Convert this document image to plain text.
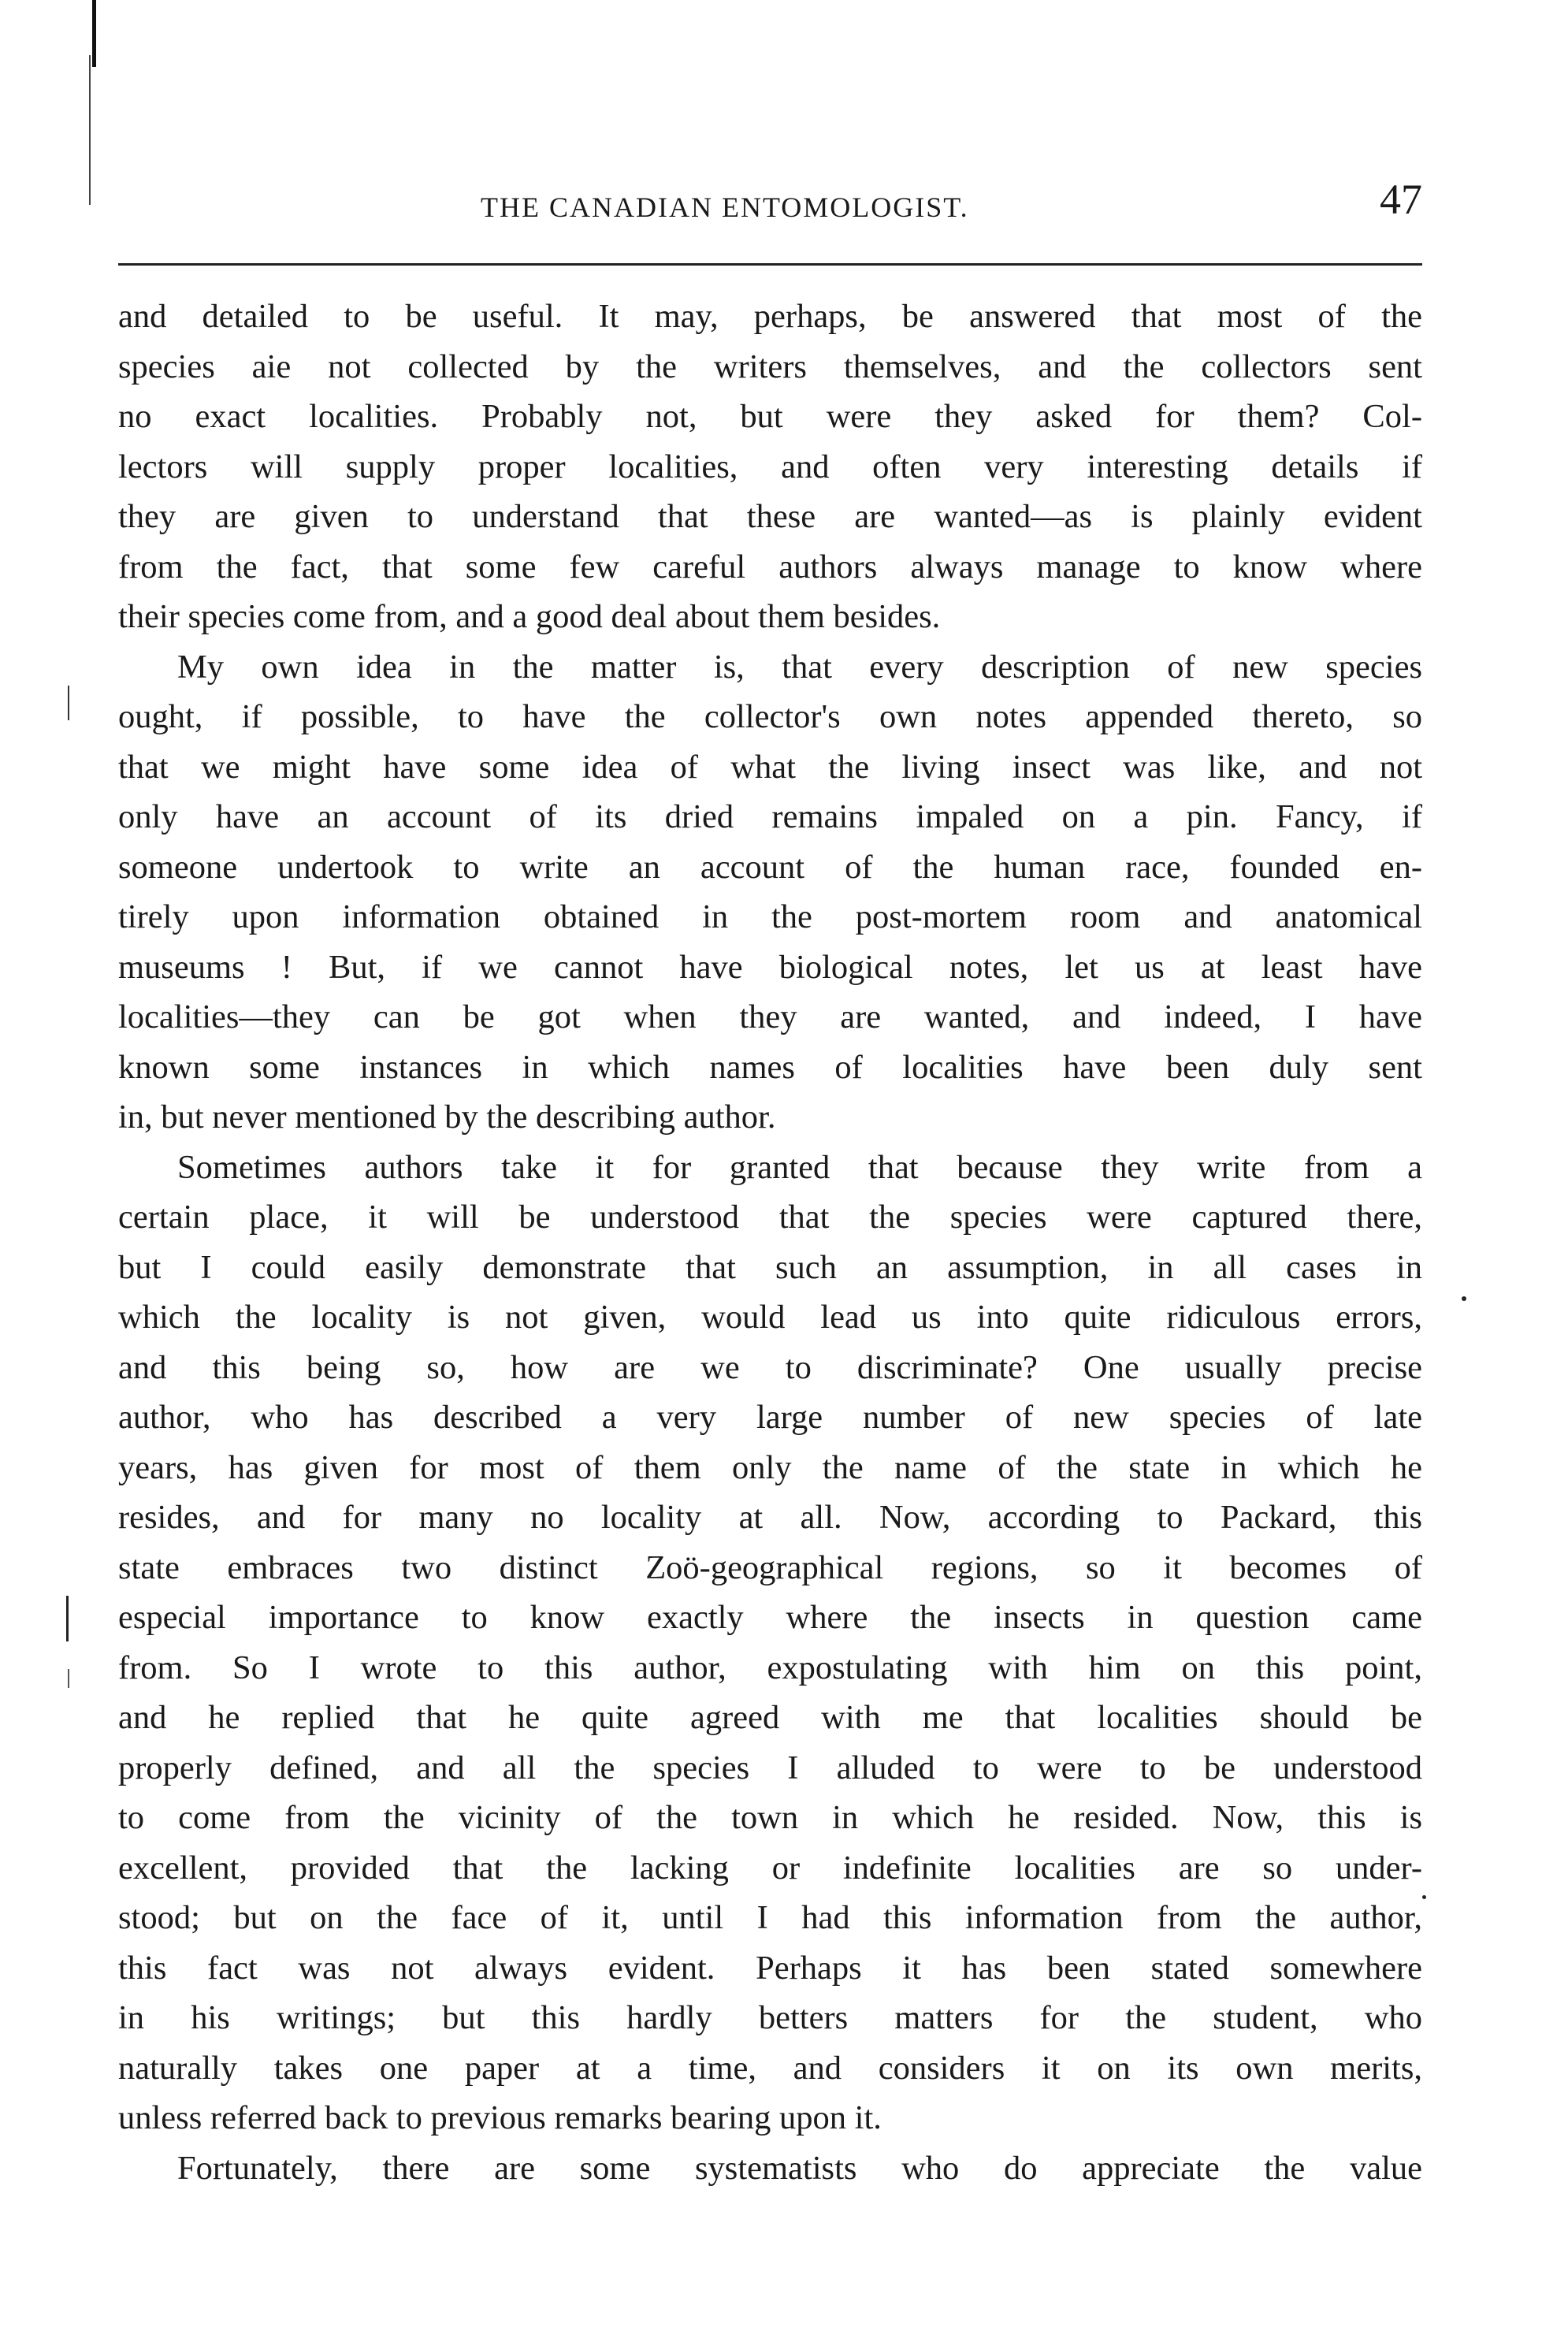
THE CANADIAN ENTOMOLOGIST.	47
and detailed to be useful. It may, perhaps, be answered that most of the
species aie not collected by the writers themselves, and the collectors sent
no exact localities. Probably not, but were they asked for them? Col-
lectors will supply proper localities, and often very interesting details if
they are given to understand that these are wanted—as is plainly evident
from the fact, that some few careful authors always manage to know where
their species come from, and a good deal about them besides.
My own idea in the matter is, that every description of new species
ought, if possible, to have the collector's own notes appended thereto, so
that we might have some idea of what the living insect was like, and not
only have an account of its dried remains impaled on a pin. Fancy, if
someone undertook to write an account of the human race, founded en-
tirely upon information obtained in the post-mortem room and anatomical
museums ! But, if we cannot have biological notes, let us at least have
localities—they can be got when they are wanted, and indeed, I have
known some instances in which names of localities have been duly sent
in, but never mentioned by the describing author.
Sometimes authors take it for granted that because they write from a
certain place, it will be understood that the species were captured there,
but I could easily demonstrate that such an assumption, in all cases in
which the locality is not given, would lead us into quite ridiculous errors,
and this being so, how are we to discriminate? One usually precise
author, who has described a very large number of new species of late
years, has given for most of them only the name of the state in which he
resides, and for many no locality at all. Now, according to Packard, this
state embraces two distinct Zoö-geographical regions, so it becomes of
especial importance to know exactly where the insects in question came
from. So I wrote to this author, expostulating with him on this point,
and he replied that he quite agreed with me that localities should be
properly defined, and all the species I alluded to were to be understood
to come from the vicinity of the town in which he resided. Now, this is
excellent, provided that the lacking or indefinite localities are so under-
stood; but on the face of it, until I had this information from the author,
this fact was not always evident. Perhaps it has been stated somewhere
in his writings; but this hardly betters matters for the student, who
naturally takes one paper at a time, and considers it on its own merits,
unless referred back to previous remarks bearing upon it.
Fortunately, there are some systematists who do appreciate the value
